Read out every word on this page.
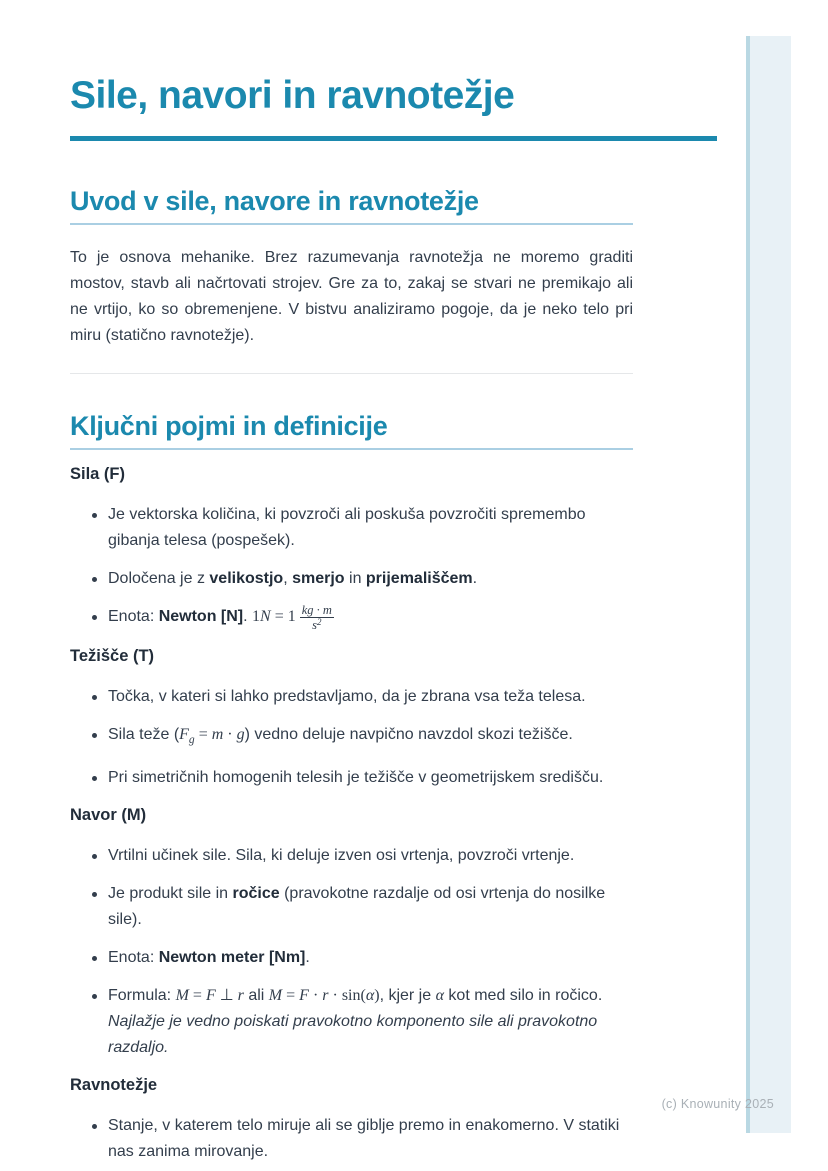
Sile, navori in ravnotežje
Uvod v sile, navore in ravnotežje

To je osnova mehanike. Brez razumevanja ravnotežja ne moremo graditi mostov, stavb ali načrtovati strojev. Gre za to, zakaj se stvari ne premikajo ali ne vrtijo, ko so obremenjene. V bistvu analiziramo pogoje, da je neko telo pri miru (statično ravnotežje).

Ključni pojmi in definicije
Sila (F)
Je vektorska količina, ki povzroči ali poskuša povzročiti spremembo gibanja telesa (pospešek).
Določena je z velikostjo, smerjo in prijemališčem.
Enota: Newton [N]. $1N = 1 \frac{kg \cdot m}{s^2}$
Težišče (T)
Točka, v kateri si lahko predstavljamo, da je zbrana vsa teža telesa.
Sila teže $(F_g = m \cdot g)$ vedno deluje navpično navzdol skozi težišče.
Pri simetričnih homogenih telesih je težišče v geometrijskem središču.
Navor (M)
Vrtilni učinek sile. Sila, ki deluje izven osi vrtenja, povzroči vrtenje.
Je produkt sile in ročice (pravokotne razdalje od osi vrtenja do nosilke sile).
Enota: Newton meter [Nm].
Formula: M = F ⊥ r ali M = F · r · sin(α), kjer je α kot med silo in ročico. Najlažje je vedno poiskati pravokotno komponento sile ali pravokotno razdaljo.
Ravnotežje
Stanje, v katerem telo miruje ali se giblje premo in enakomerno. V statiki nas zanima mirovanje.
(c) Knowunity 2025
